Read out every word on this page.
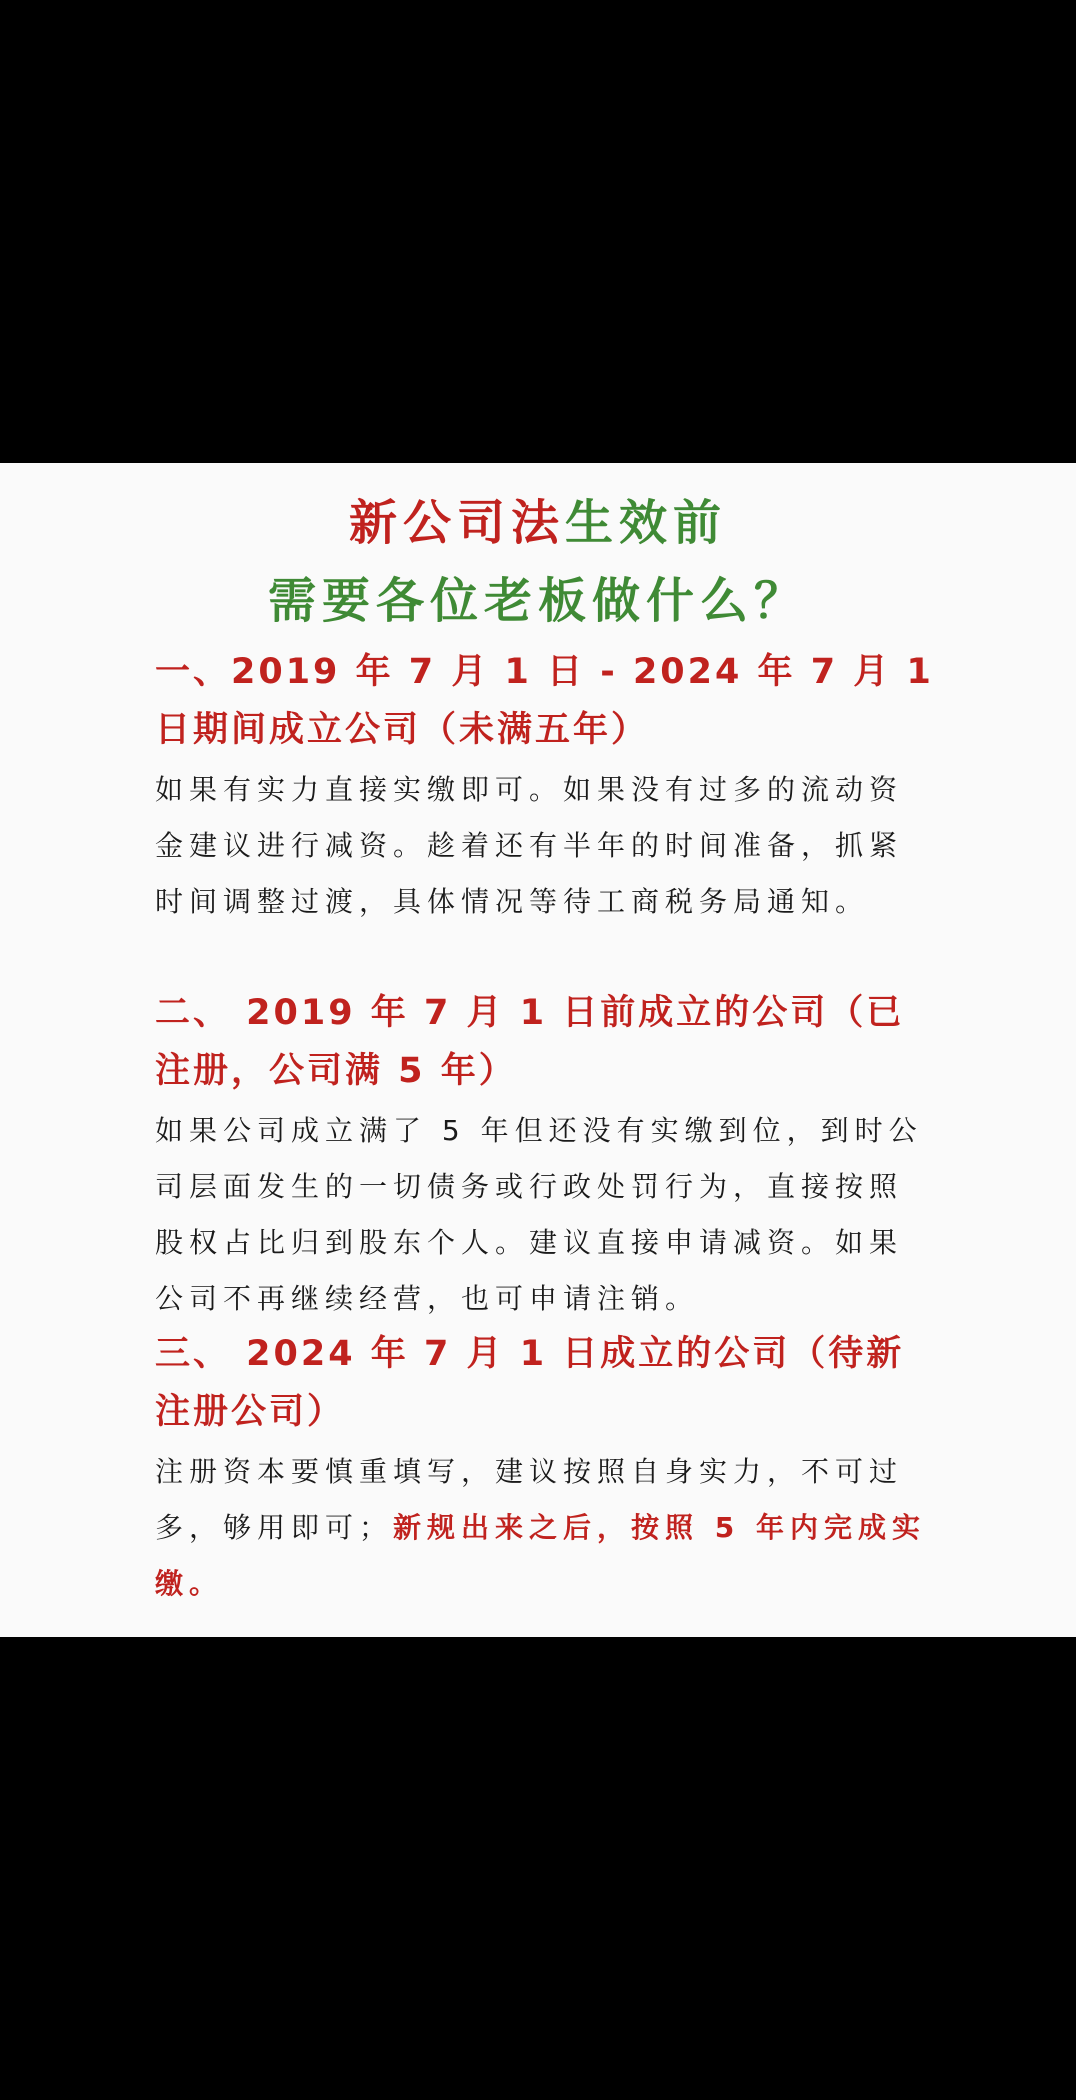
新公司法生效前
需要各位老板做什么？
一、2019 年 7 月 1 日 - 2024 年 7 月 1 日期间成立公司（未满五年）
如果有实力直接实缴即可。如果没有过多的流动资金建议进行减资。趁着还有半年的时间准备，抓紧时间调整过渡，具体情况等待工商税务局通知。
二、 2019 年 7 月 1 日前成立的公司（已注册，公司满 5 年）
如果公司成立满了 5 年但还没有实缴到位，到时公司层面发生的一切债务或行政处罚行为，直接按照股权占比归到股东个人。建议直接申请减资。如果公司不再继续经营，也可申请注销。
三、 2024 年 7 月 1 日成立的公司（待新注册公司）
注册资本要慎重填写，建议按照自身实力，不可过多，够用即可；新规出来之后，按照 5 年内完成实缴。
